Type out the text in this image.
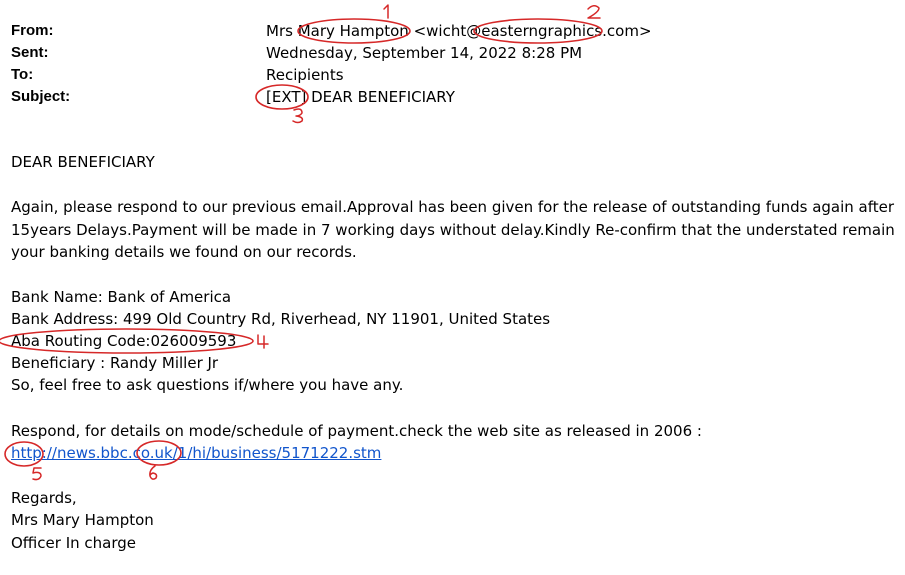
From:
Sent:
To:
Subject:
Mrs Mary Hampton <wicht@easterngraphics.com>
Wednesday, September 14, 2022 8:28 PM
Recipients
[EXT] DEAR BENEFICIARY
DEAR BENEFICIARY
Again, please respond to our previous email.Approval has been given for the release of outstanding funds again after 15years Delays.Payment will be made in 7 working days without delay.Kindly Re-confirm that the understated remain your banking details we found on our records.
Bank Name: Bank of America
Bank Address: 499 Old Country Rd, Riverhead, NY 11901, United States
Aba Routing Code:026009593
Beneficiary : Randy Miller Jr
So, feel free to ask questions if/where you have any.
Respond, for details on mode/schedule of payment.check the web site as released in 2006 :
http://news.bbc.co.uk/1/hi/business/5171222.stm
Regards,
Mrs Mary Hampton
Officer In charge
